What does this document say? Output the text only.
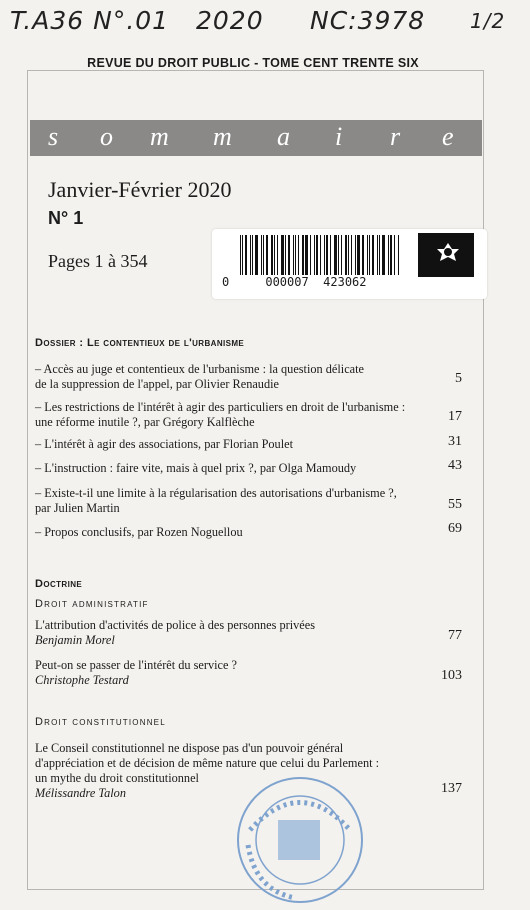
T.A36 N°.01 2020 NC:3978 1/2
REVUE DU DROIT PUBLIC - TOME CENT TRENTE SIX
s o m m a i r e
Janvier-Février 2020
N° 1
Pages 1 à 354
0     000007  423062
Dossier : Le contentieux de l'urbanisme
– Accès au juge et contentieux de l'urbanisme : la question délicate
de la suppression de l'appel, par Olivier Renaudie	5
– Les restrictions de l'intérêt à agir des particuliers en droit de l'urbanisme :
une réforme inutile ?, par Grégory Kalflèche	17
– L'intérêt à agir des associations, par Florian Poulet	31
– L'instruction : faire vite, mais à quel prix ?, par Olga Mamoudy	43
– Existe-t-il une limite à la régularisation des autorisations d'urbanisme ?,
par Julien Martin	55
– Propos conclusifs, par Rozen Noguellou	69
Doctrine
Droit administratif
L'attribution d'activités de police à des personnes privées
Benjamin Morel	77
Peut-on se passer de l'intérêt du service ?
Christophe Testard	103
Droit constitutionnel
Le Conseil constitutionnel ne dispose pas d'un pouvoir général
d'appréciation et de décision de même nature que celui du Parlement :
un mythe du droit constitutionnel
Mélissandre Talon	137
